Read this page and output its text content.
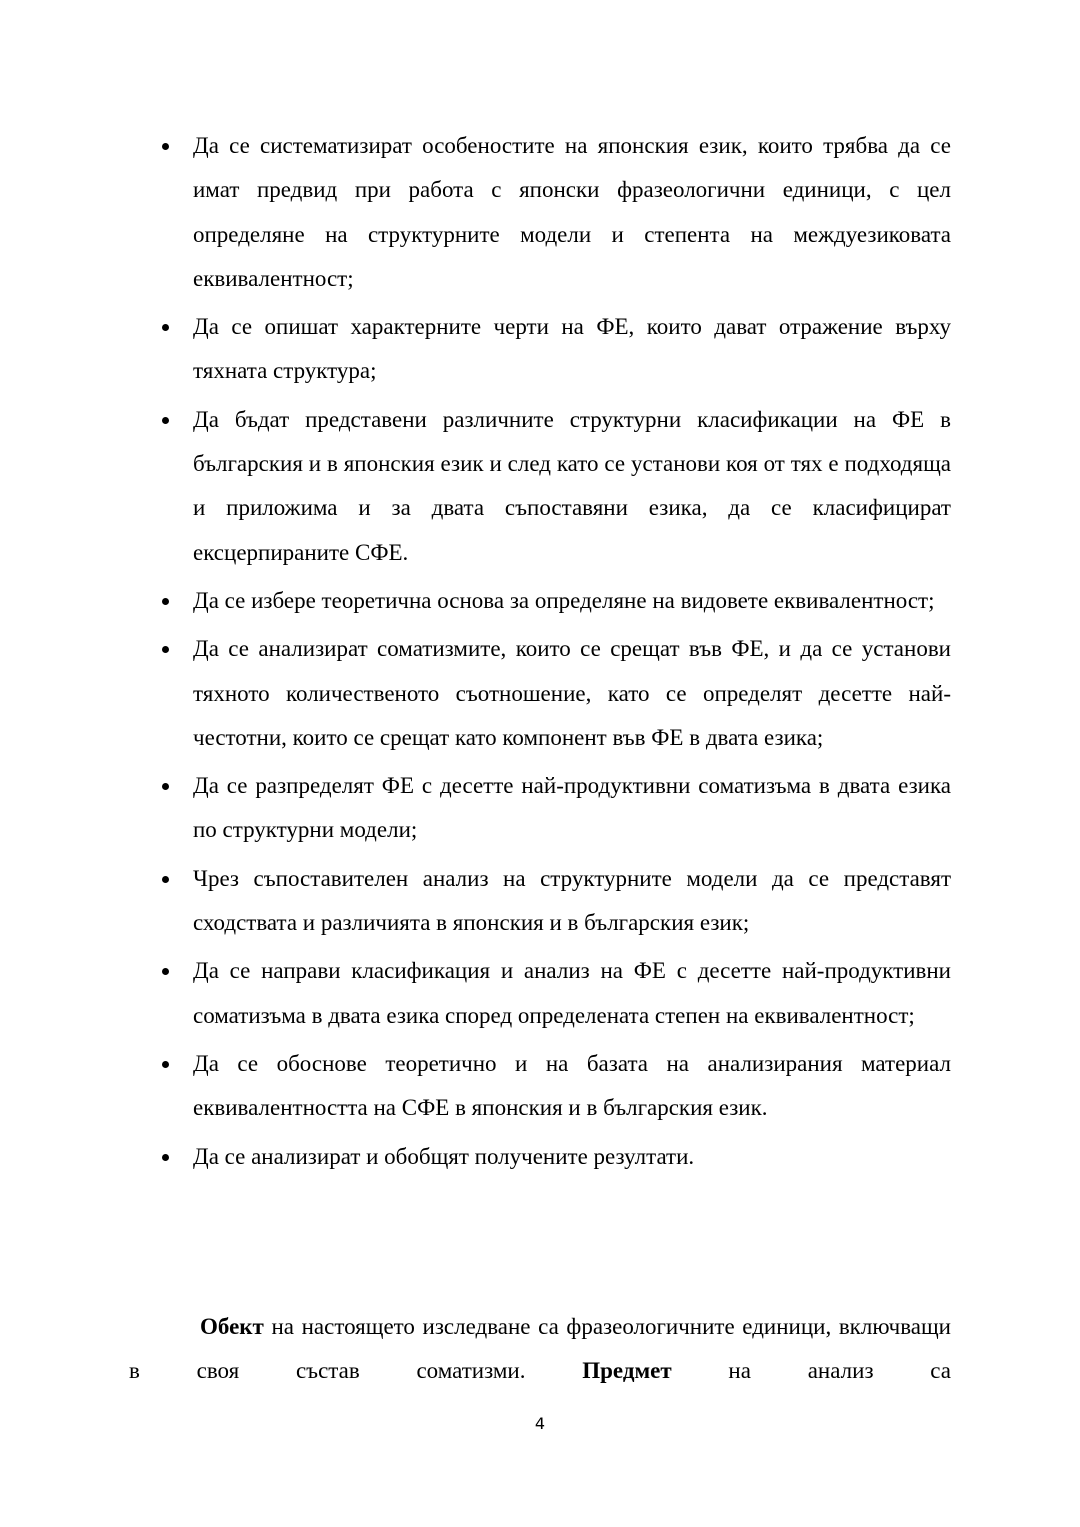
Да се систематизират особеностите на японския език, които трябва да се имат предвид при работа с японски фразеологични единици, с цел определяне на структурните модели и степента на междуезиковата еквивалентност;
Да се опишат характерните черти на ФЕ, които дават отражение върху тяхната структура;
Да бъдат представени различните структурни класификации на ФЕ в българския и в японския език и след като се установи коя от тях е подходяща и приложима и за двата съпоставяни езика, да се класифицират ексцерпираните СФЕ.
Да се избере теоретична основа за определяне на видовете еквивалентност;
Да се анализират соматизмите, които се срещат във ФЕ, и да се установи тяхното количественото съотношение, като се определят десетте най-честотни, които се срещат като компонент във ФЕ в двата езика;
Да се разпределят ФЕ с десетте най-продуктивни соматизъма в двата езика по структурни модели;
Чрез съпоставителен анализ на структурните модели да се представят сходствата и различията в японския и в българския език;
Да се направи класификация и анализ на ФЕ с десетте най-продуктивни соматизъма в двата езика според определената степен на еквивалентност;
Да се обоснове теоретично и на базата на анализирания материал еквивалентността на СФЕ в японския и в българския език.
Да се анализират и обобщят получените резултати.

Обект на настоящето изследване са фразеологичните единици, включващи в своя състав соматизми. Предмет на анализ са

4
